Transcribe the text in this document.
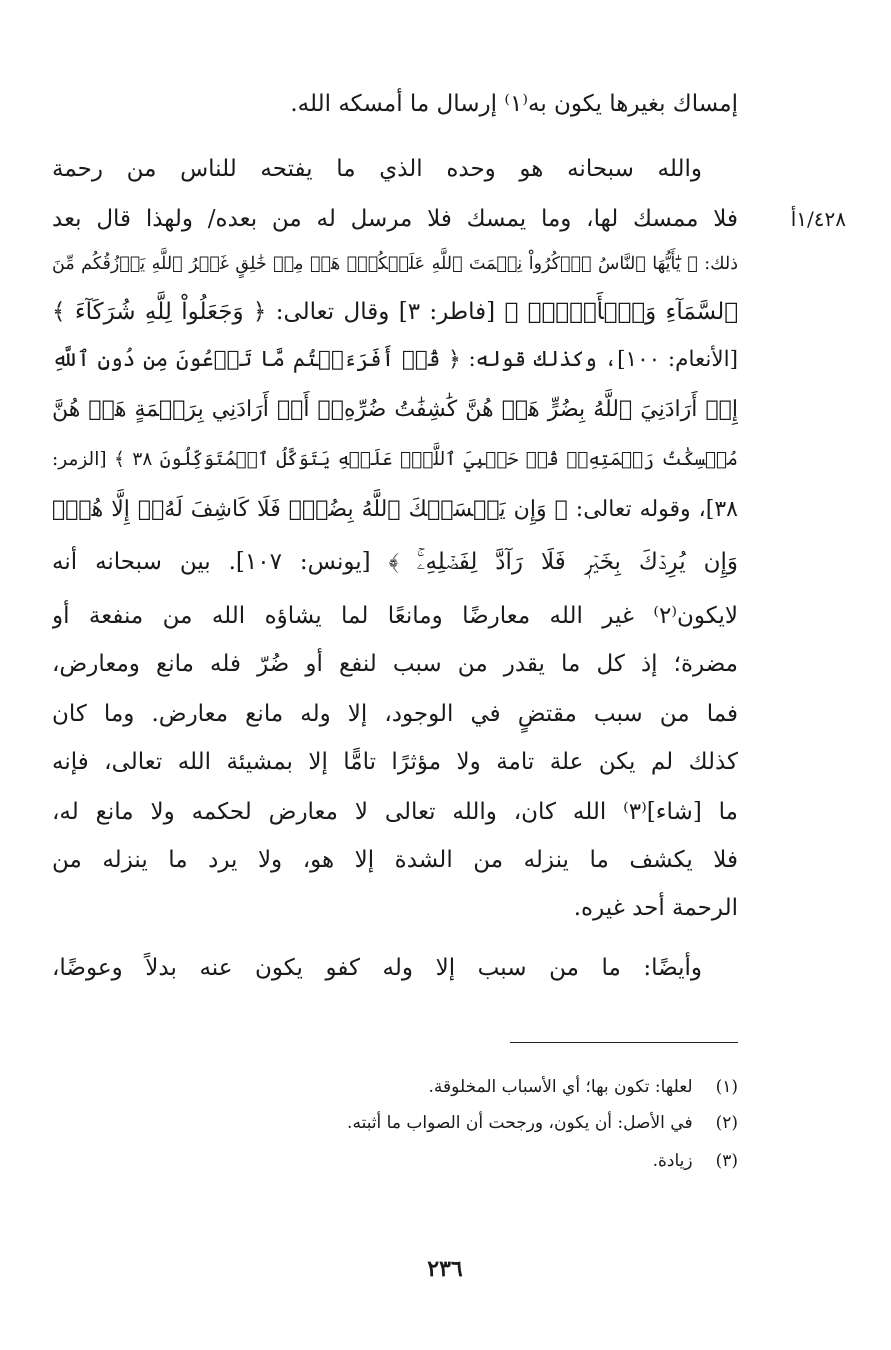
١/٤٢٨أ
إمساك بغيرها يكون به⁽١⁾ إرسال ما أمسكه الله.
والله سبحانه هو وحده الذي ما يفتحه للناس من رحمة
فلا ممسك لها، وما يمسك فلا مرسل له من بعده/ ولهذا قال بعد
ذلك: ﴿ يَٰٓأَيُّهَا ٱلنَّاسُ ٱذۡكُرُواْ نِعۡمَتَ ٱللَّهِ عَلَيۡكُمۡۚ هَلۡ مِنۡ خَٰلِقٍ غَيۡرُ ٱللَّهِ يَرۡزُقُكُم مِّنَ
ٱلسَّمَآءِ وَٱلۡأَرۡضِۚ ﴾ [فاطر: ٣] وقال تعالى: ﴿ وَجَعَلُواْ لِلَّهِ شُرَكَآءَ ﴾
[الأنعام: ١٠٠]، وكذلك قوله: ﴿ قُلۡ أَفَرَءَيۡتُم مَّا تَدۡعُونَ مِن دُونِ ٱللَّهِ
إِنۡ أَرَادَنِيَ ٱللَّهُ بِضُرٍّ هَلۡ هُنَّ كَٰشِفَٰتُ ضُرِّهِۦٓ أَوۡ أَرَادَنِي بِرَحۡمَةٍ هَلۡ هُنَّ
مُمۡسِكَٰتُ رَحۡمَتِهِۦۚ قُلۡ حَسۡبِيَ ٱللَّهُۖ عَلَيۡهِ يَتَوَكَّلُ ٱلۡمُتَوَكِّلُونَ ٣٨ ﴾ [الزمر:
٣٨]، وقوله تعالى: ﴿ وَإِن يَمۡسَسۡكَ ٱللَّهُ بِضُرّٖ فَلَا كَاشِفَ لَهُۥٓ إِلَّا هُوَۖ
وَإِن يُرِدۡكَ بِخَيۡرٖ فَلَا رَآدَّ لِفَضۡلِهِۦۚ ﴾ [يونس: ١٠٧]. بين سبحانه أنه
لايكون⁽٢⁾ غير الله معارضًا ومانعًا لما يشاؤه الله من منفعة أو
مضرة؛ إذ كل ما يقدر من سبب لنفع أو ضُرّ فله مانع ومعارض،
فما من سبب مقتضٍ في الوجود، إلا وله مانع معارض. وما كان
كذلك لم يكن علة تامة ولا مؤثرًا تامًّا إلا بمشيئة الله تعالى، فإنه
ما [شاء]⁽٣⁾ الله كان، والله تعالى لا معارض لحكمه ولا مانع له،
فلا يكشف ما ينزله من الشدة إلا هو، ولا يرد ما ينزله من
الرحمة أحد غيره.
وأيضًا: ما من سبب إلا وله كفو يكون عنه بدلاً وعوضًا،
(١) لعلها: تكون بها؛ أي الأسباب المخلوقة.
(٢) في الأصل: أن يكون، ورجحت أن الصواب ما أثبته.
(٣) زيادة.
٢٣٦
